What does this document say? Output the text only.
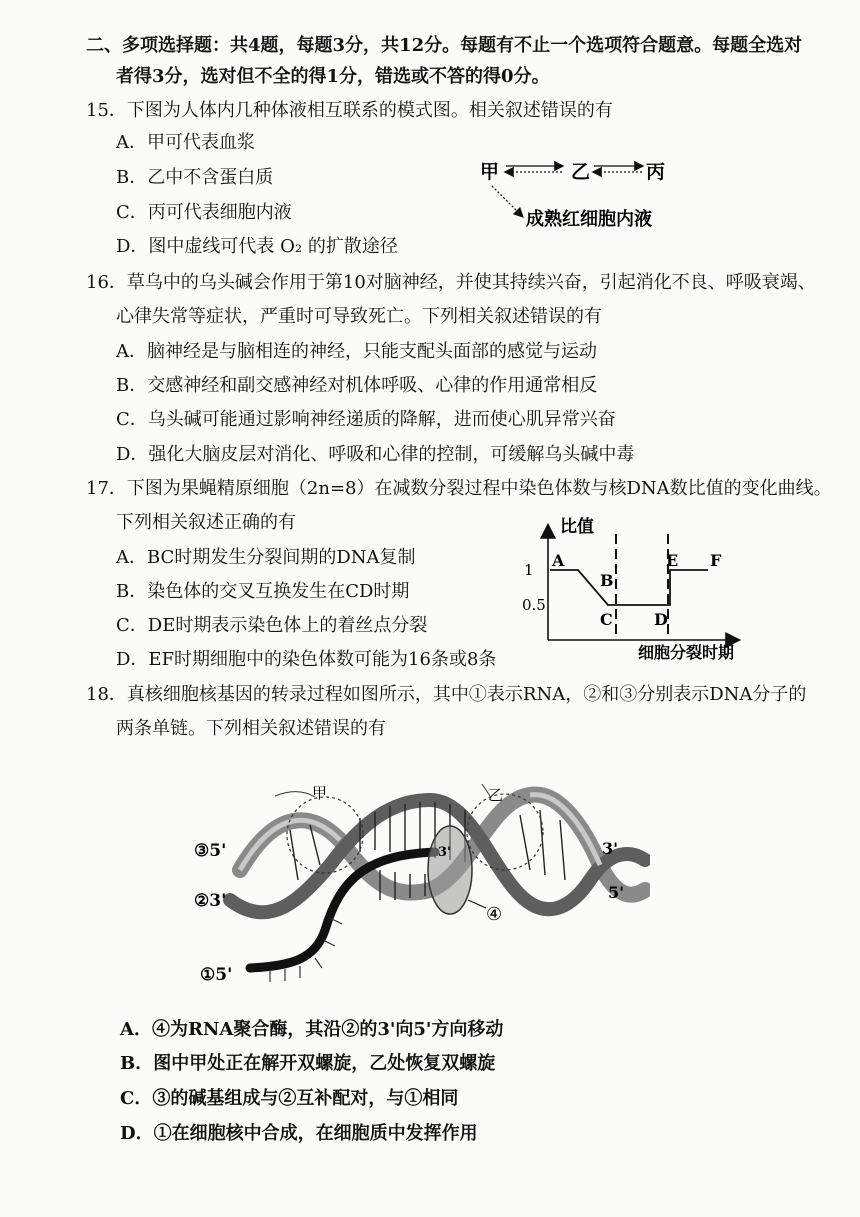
二、多项选择题：共4题，每题3分，共12分。每题有不止一个选项符合题意。每题全选对
者得3分，选对但不全的得1分，错选或不答的得0分。
15．下图为人体内几种体液相互联系的模式图。相关叙述错误的有
A．甲可代表血浆
B．乙中不含蛋白质
C．丙可代表细胞内液
D．图中虚线可代表 O₂ 的扩散途径
甲	乙	丙
成熟红细胞内液
16．草乌中的乌头碱会作用于第10对脑神经，并使其持续兴奋，引起消化不良、呼吸衰竭、
心律失常等症状，严重时可导致死亡。下列相关叙述错误的有
A．脑神经是与脑相连的神经，只能支配头面部的感觉与运动
B．交感神经和副交感神经对机体呼吸、心律的作用通常相反
C．乌头碱可能通过影响神经递质的降解，进而使心肌异常兴奋
D．强化大脑皮层对消化、呼吸和心律的控制，可缓解乌头碱中毒
17．下图为果蝇精原细胞（2n=8）在减数分裂过程中染色体数与核DNA数比值的变化曲线。
下列相关叙述正确的有
A．BC时期发生分裂间期的DNA复制
B．染色体的交叉互换发生在CD时期
C．DE时期表示染色体上的着丝点分裂
D．EF时期细胞中的染色体数可能为16条或8条
比值
细胞分裂时期
1
0.5
A
B
C	D
E F
18．真核细胞核基因的转录过程如图所示，其中①表示RNA，②和③分别表示DNA分子的
两条单链。下列相关叙述错误的有
甲	乙
③5'
②3'
①5'
3'
5'
3'
④
A．④为RNA聚合酶，其沿②的3'向5'方向移动
B．图中甲处正在解开双螺旋，乙处恢复双螺旋
C．③的碱基组成与②互补配对，与①相同
D．①在细胞核中合成，在细胞质中发挥作用
